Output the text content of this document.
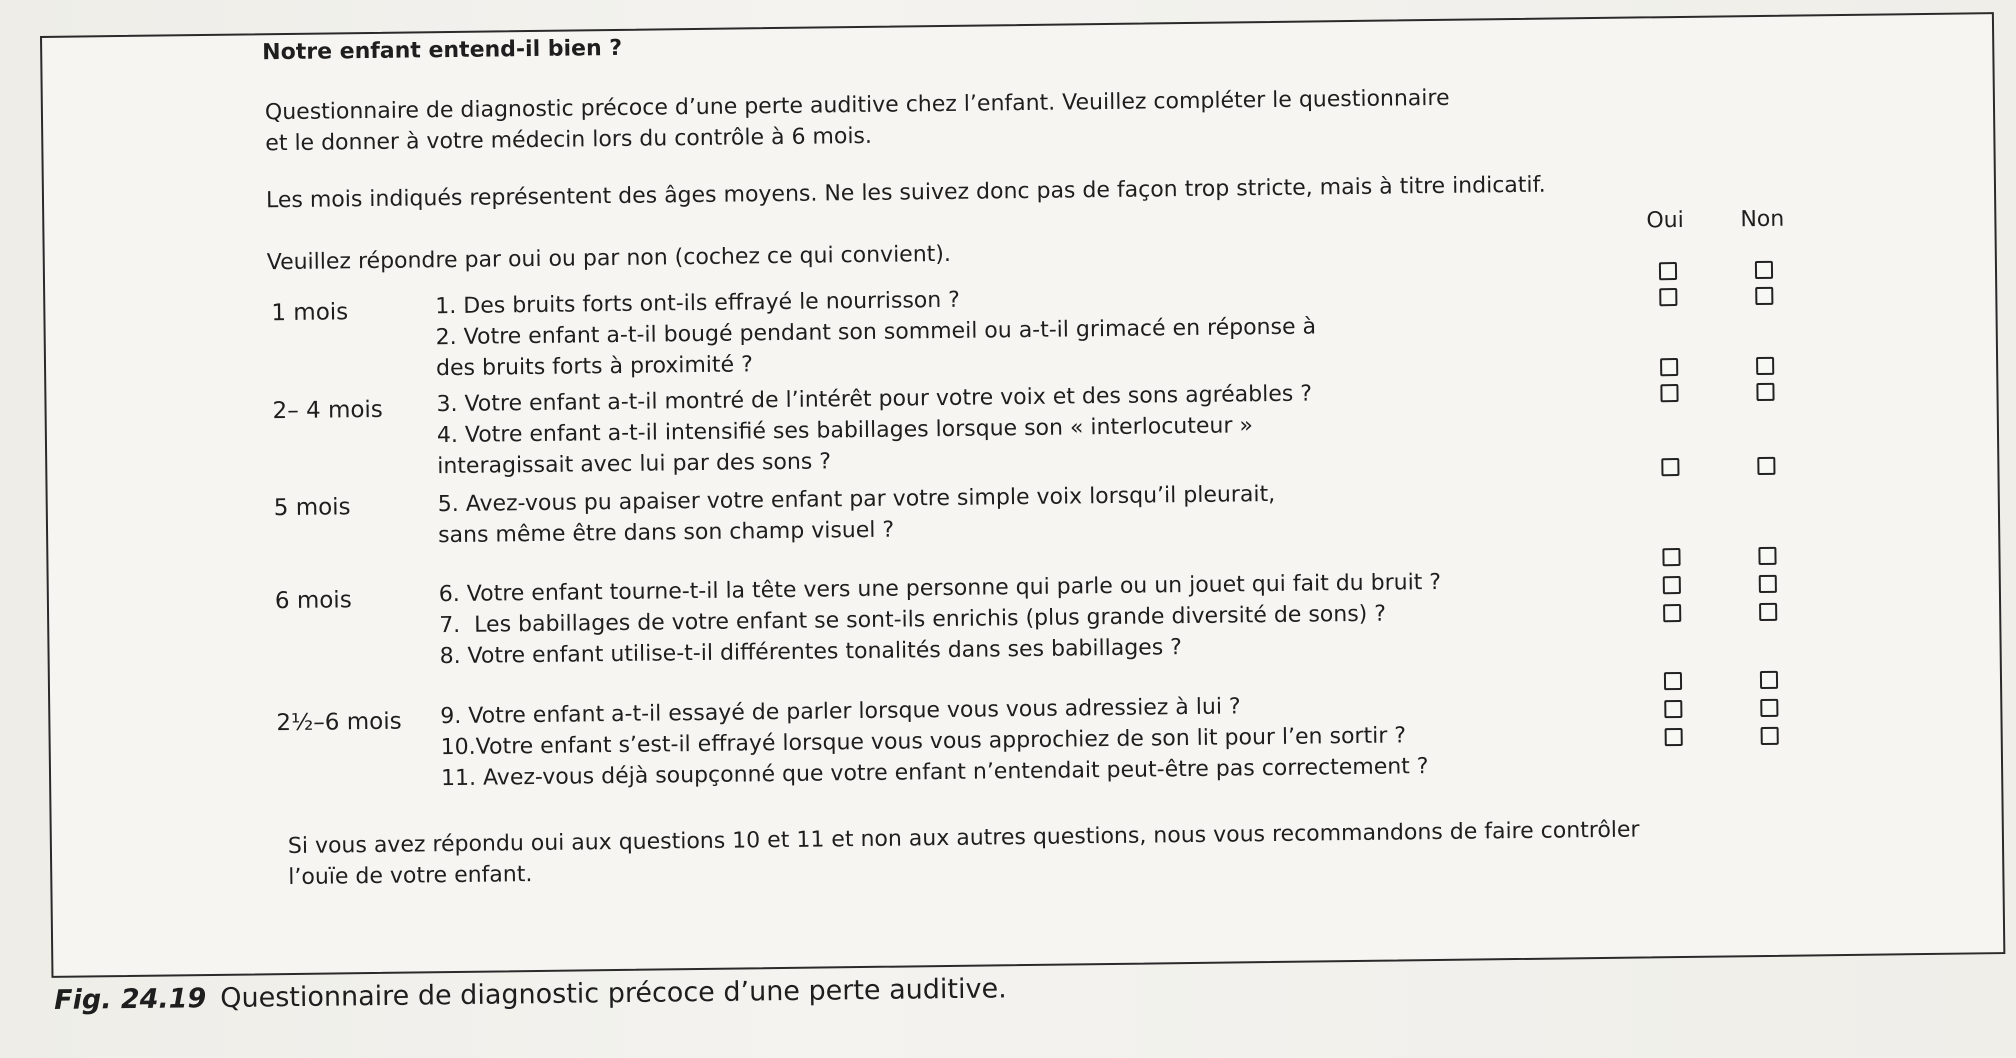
Notre enfant entend-il bien ?
Questionnaire de diagnostic précoce d’une perte auditive chez l’enfant. Veuillez compléter le questionnaire
et le donner à votre médecin lors du contrôle à 6 mois.
Les mois indiqués représentent des âges moyens. Ne les suivez donc pas de façon trop stricte, mais à titre indicatif.
Veuillez répondre par oui ou par non (cochez ce qui convient).
Oui	Non
1 mois	1. Des bruits forts ont-ils effrayé le nourrisson ?
2. Votre enfant a-t-il bougé pendant son sommeil ou a-t-il grimacé en réponse à
des bruits forts à proximité ?
2– 4 mois 3. Votre enfant a-t-il montré de l’intérêt pour votre voix et des sons agréables ?
4. Votre enfant a-t-il intensifié ses babillages lorsque son « interlocuteur »
interagissait avec lui par des sons ?
5 mois	5. Avez-vous pu apaiser votre enfant par votre simple voix lorsqu’il pleurait,
sans même être dans son champ visuel ?
6 mois	6. Votre enfant tourne-t-il la tête vers une personne qui parle ou un jouet qui fait du bruit ?
7.  Les babillages de votre enfant se sont-ils enrichis (plus grande diversité de sons) ?
8. Votre enfant utilise-t-il différentes tonalités dans ses babillages ?
2½–6 mois 9. Votre enfant a-t-il essayé de parler lorsque vous vous adressiez à lui ?
10.Votre enfant s’est-il effrayé lorsque vous vous approchiez de son lit pour l’en sortir ?
11. Avez-vous déjà soupçonné que votre enfant n’entendait peut-être pas correctement ?
Si vous avez répondu oui aux questions 10 et 11 et non aux autres questions, nous vous recommandons de faire contrôler
l’ouïe de votre enfant.
Fig. 24.19 Questionnaire de diagnostic précoce d’une perte auditive.
